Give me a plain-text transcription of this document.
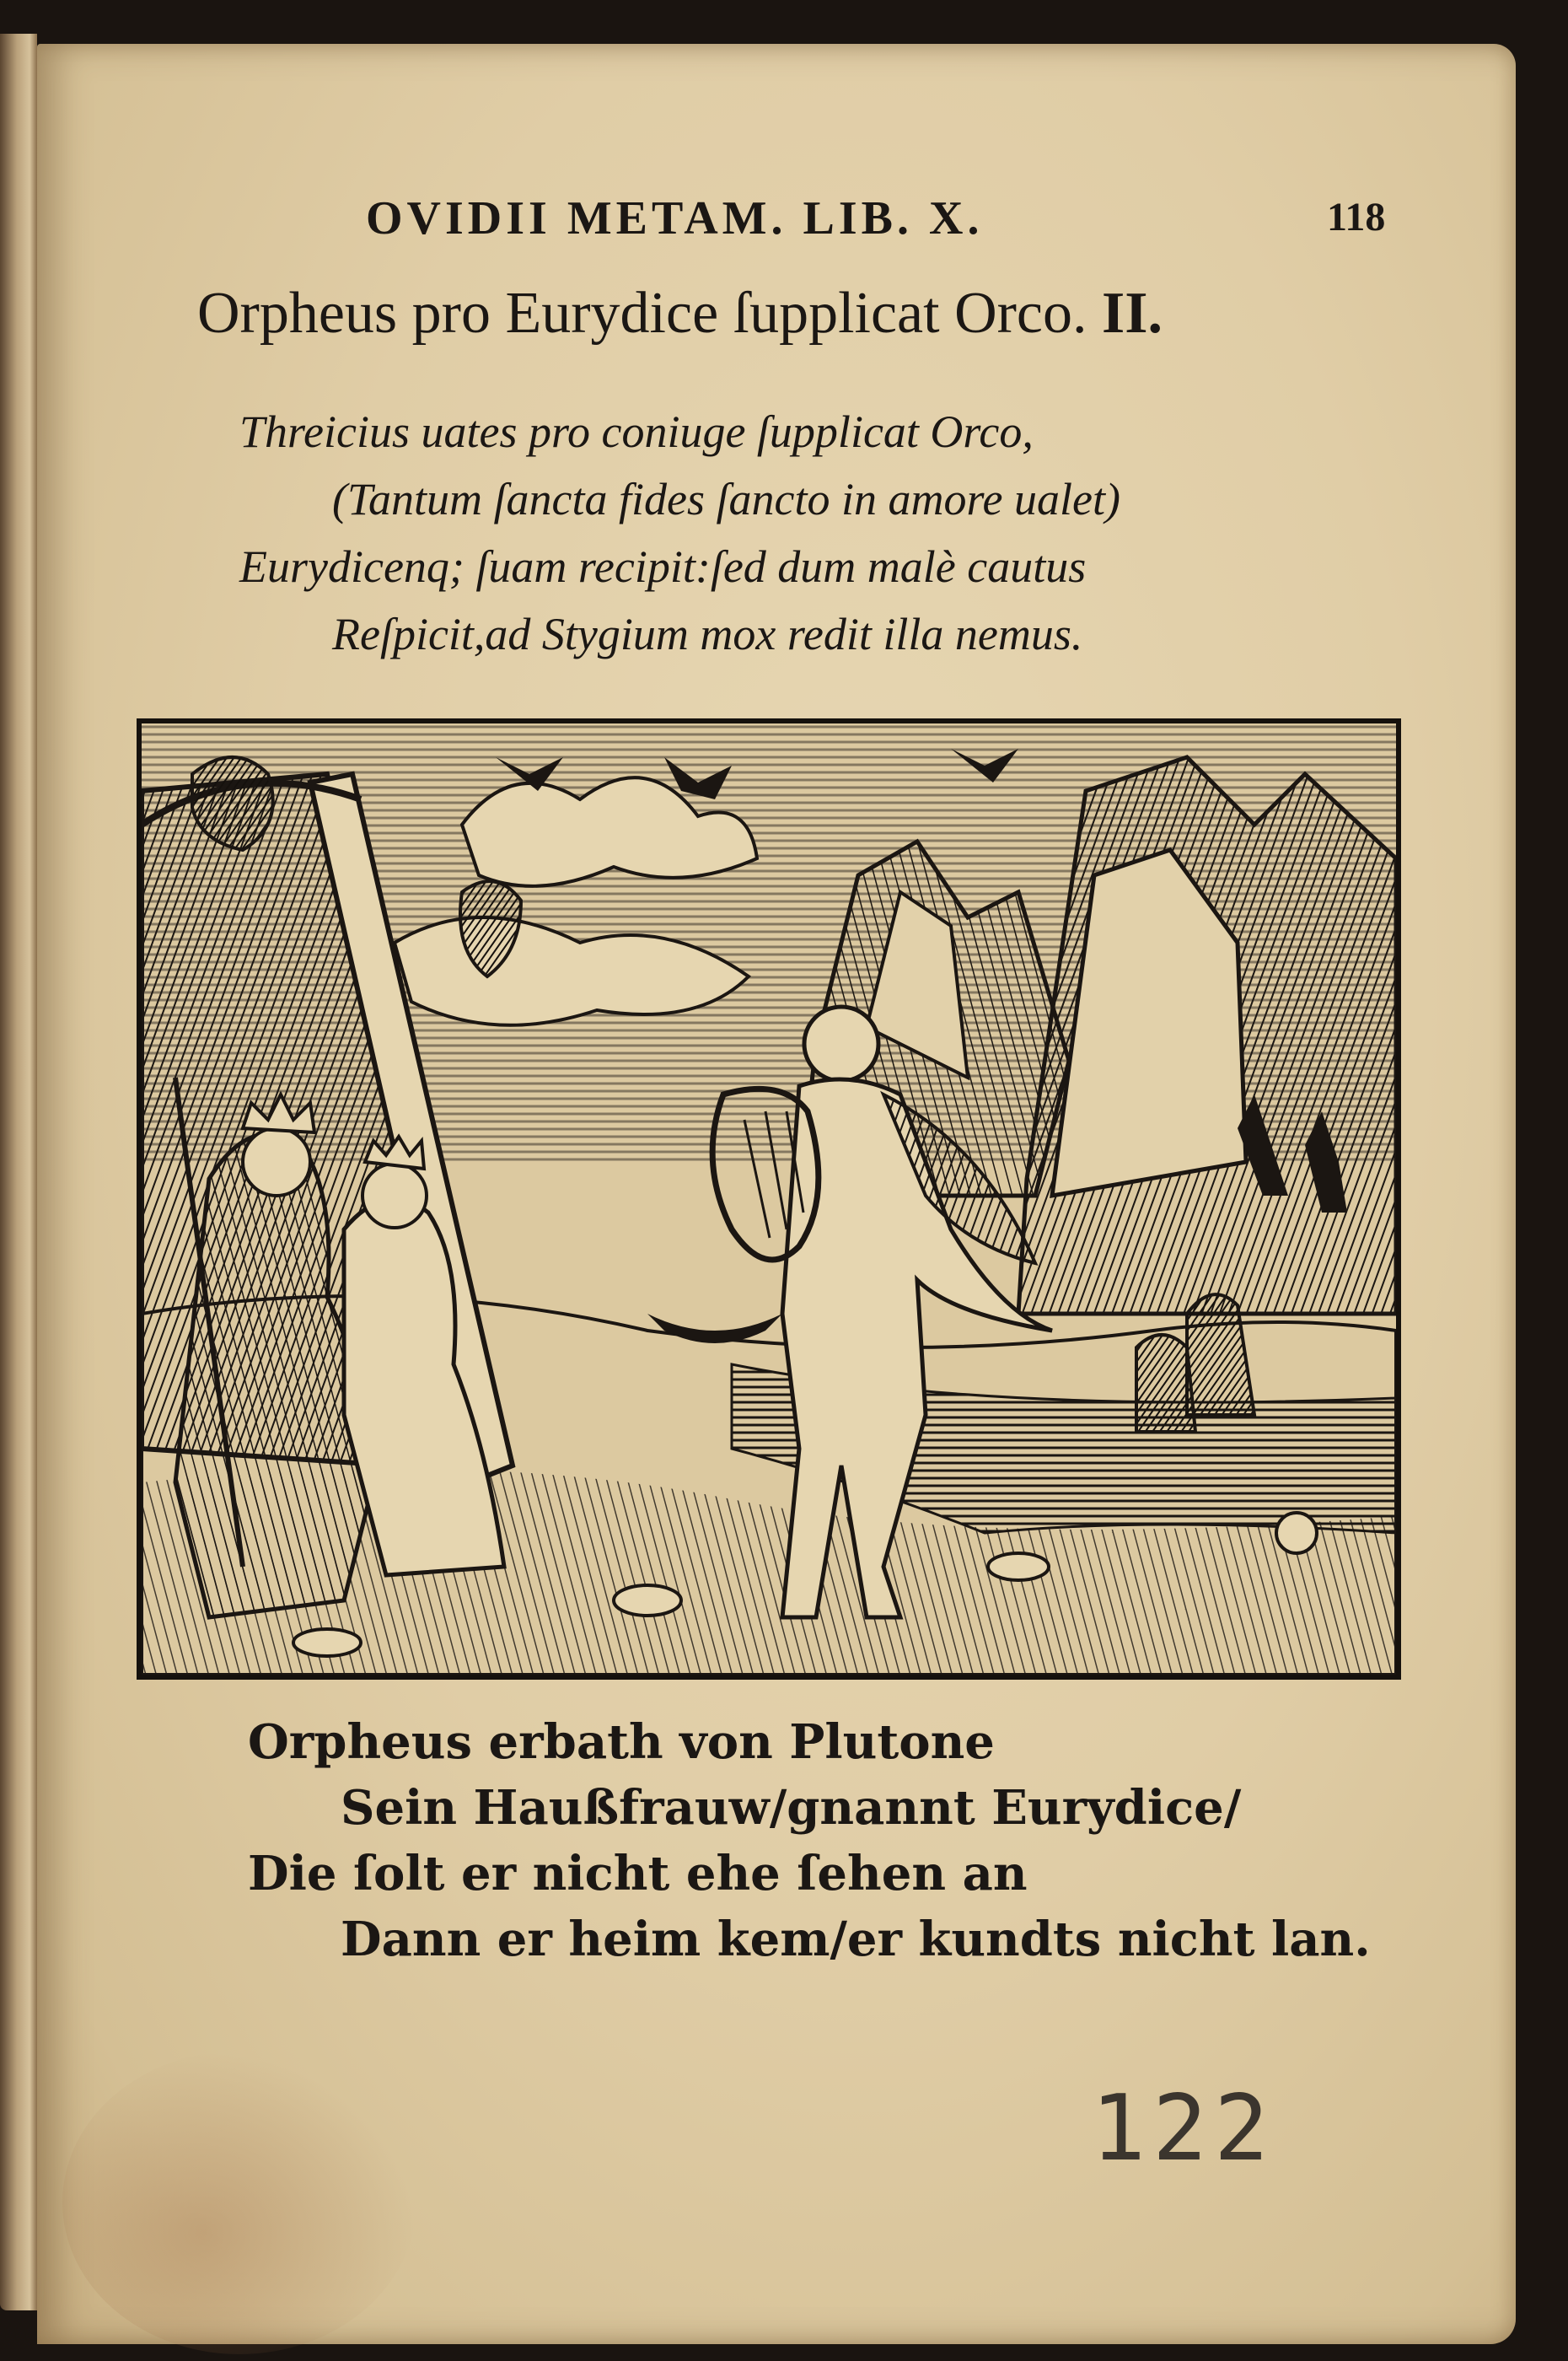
OVIDII METAM. LIB. X.	118
Orpheus pro Eurydice ſupplicat Orco. II.
Threicius uates pro coniuge ſupplicat Orco,
(Tantum ſancta fides ſancto in amore ualet)
Eurydicenq; ſuam recipit:ſed dum malè cautus
Reſpicit,ad Stygium mox redit illa nemus.
Orpheus erbath von Plutone
Sein Haußfrauw/gnannt Eurydice/
Die ſolt er nicht ehe ſehen an
Dann er heim kem/er kundts nicht lan.
122
